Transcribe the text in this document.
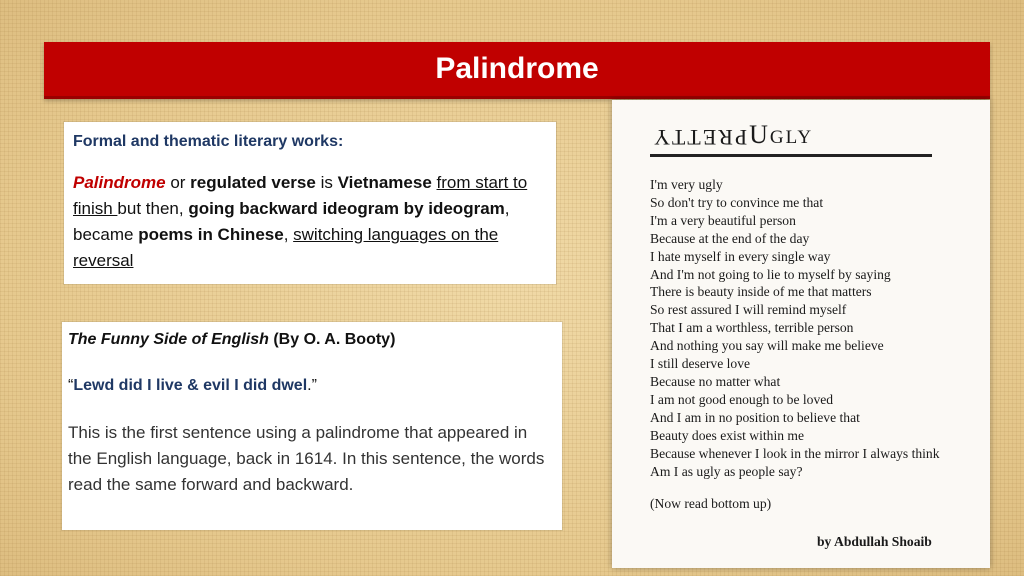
Palindrome

Formal and thematic literary works:

Palindrome or regulated verse is Vietnamese from start to finish but then, going backward ideogram by ideogram, became poems in Chinese, switching languages on the reversal

The Funny Side of English (By O. A. Booty)

“Lewd did I live & evil I did dwel.”

This is the first sentence using a palindrome that appeared in the English language, back in 1614. In this sentence, the words read the same forward and backward.

PRETTY UGLY
I'm very ugly
So don't try to convince me that
I'm a very beautiful person
Because at the end of the day
I hate myself in every single way
And I'm not going to lie to myself by saying
There is beauty inside of me that matters
So rest assured I will remind myself
That I am a worthless, terrible person
And nothing you say will make me believe
I still deserve love
Because no matter what
I am not good enough to be loved
And I am in no position to believe that
Beauty does exist within me
Because whenever I look in the mirror I always think
Am I as ugly as people say?
(Now read bottom up)
by Abdullah Shoaib
